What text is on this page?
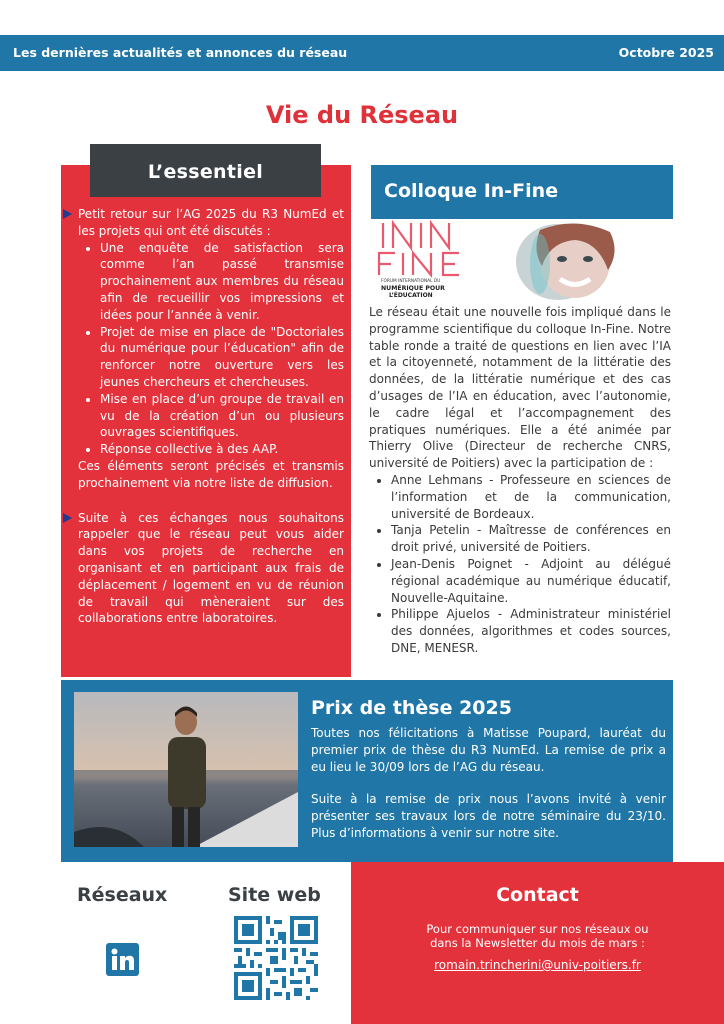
Les dernières actualités et annonces du réseau	Octobre 2025
Vie du Réseau
L’essentiel

Petit retour sur l’AG 2025 du R3 NumEd et les projets qui ont été discutés :

• Une enquête de satisfaction sera comme l’an passé transmise prochainement aux membres du réseau afin de recueillir vos impressions et idées pour l’année à venir.
• Projet de mise en place de "Doctoriales du numérique pour l’éducation" afin de renforcer notre ouverture vers les jeunes chercheurs et chercheuses.
• Mise en place d’un groupe de travail en vu de la création d’un ou plusieurs ouvrages scientifiques.
• Réponse collective à des AAP.

Ces éléments seront précisés et transmis prochainement via notre liste de diffusion.

Suite à ces échanges nous souhaitons rappeler que le réseau peut vous aider dans vos projets de recherche en organisant et en participant aux frais de déplacement / logement en vu de réunion de travail qui mèneraient sur des collaborations entre laboratoires.

Colloque In-Fine
FORUM INTERNATIONAL DU
NUMÉRIQUE POUR
L’ÉDUCATION

Le réseau était une nouvelle fois impliqué dans le programme scientifique du colloque In-Fine. Notre table ronde a traité de questions en lien avec l’IA et la citoyenneté, notamment de la littératie des données, de la littératie numérique et des cas d’usages de l’IA en éducation, avec l’autonomie, le cadre légal et l’accompagnement des pratiques numériques. Elle a été animée par Thierry Olive (Directeur de recherche CNRS, université de Poitiers) avec la participation de :

• Anne Lehmans - Professeure en sciences de l’information et de la communication, université de Bordeaux.
• Tanja Petelin - Maîtresse de conférences en droit privé, université de Poitiers.
• Jean-Denis Poignet - Adjoint au délégué régional académique au numérique éducatif, Nouvelle-Aquitaine.
• Philippe Ajuelos - Administrateur ministériel des données, algorithmes et codes sources, DNE, MENESR.
Prix de thèse 2025

Toutes nos félicitations à Matisse Poupard, lauréat du premier prix de thèse du R3 NumEd. La remise de prix a eu lieu le 30/09 lors de l’AG du réseau.

Suite à la remise de prix nous l’avons invité à venir présenter ses travaux lors de notre séminaire du 23/10. Plus d’informations à venir sur notre site.

Réseaux	Site web	Contact
Pour communiquer sur nos réseaux ou
dans la Newsletter du mois de mars :
romain.trincherini@univ-poitiers.fr
